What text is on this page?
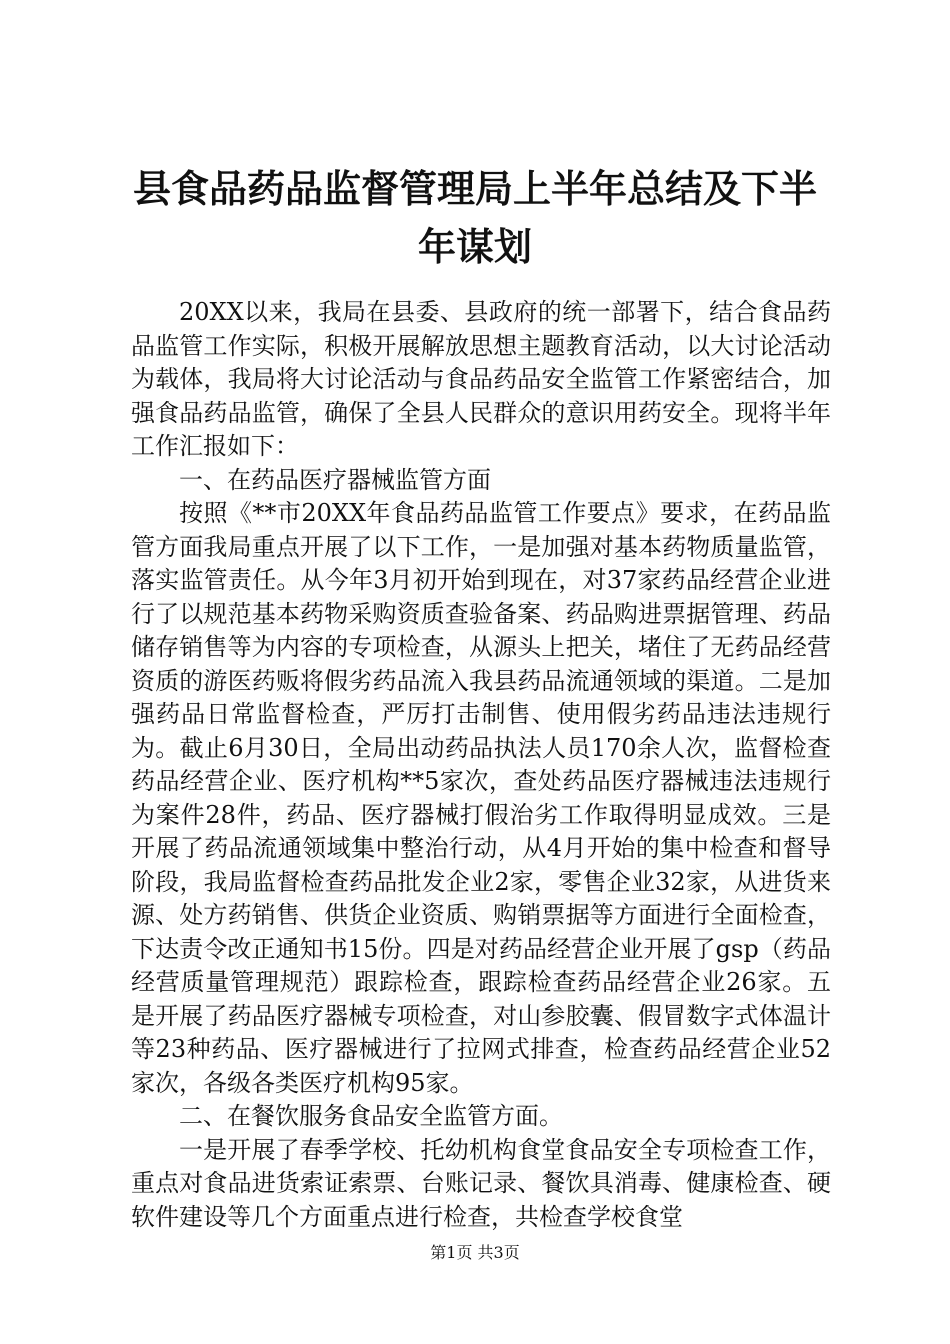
县食品药品监督管理局上半年总结及下半年谋划

20XX以来，我局在县委、县政府的统一部署下，结合食品药品监管工作实际，积极开展解放思想主题教育活动，以大讨论活动为载体，我局将大讨论活动与食品药品安全监管工作紧密结合，加强食品药品监管，确保了全县人民群众的意识用药安全。现将半年工作汇报如下：

一、在药品医疗器械监管方面

按照《**市20XX年食品药品监管工作要点》要求，在药品监管方面我局重点开展了以下工作，一是加强对基本药物质量监管，落实监管责任。从今年3月初开始到现在，对37家药品经营企业进行了以规范基本药物采购资质查验备案、药品购进票据管理、药品储存销售等为内容的专项检查，从源头上把关，堵住了无药品经营资质的游医药贩将假劣药品流入我县药品流通领域的渠道。二是加强药品日常监督检查，严厉打击制售、使用假劣药品违法违规行为。截止6月30日，全局出动药品执法人员170余人次，监督检查药品经营企业、医疗机构**5家次，查处药品医疗器械违法违规行为案件28件，药品、医疗器械打假治劣工作取得明显成效。三是开展了药品流通领域集中整治行动，从4月开始的集中检查和督导阶段，我局监督检查药品批发企业2家，零售企业32家，从进货来源、处方药销售、供货企业资质、购销票据等方面进行全面检查，下达责令改正通知书15份。四是对药品经营企业开展了gsp（药品经营质量管理规范）跟踪检查，跟踪检查药品经营企业26家。五是开展了药品医疗器械专项检查，对山参胶囊、假冒数字式体温计等23种药品、医疗器械进行了拉网式排查，检查药品经营企业52家次，各级各类医疗机构95家。

二、在餐饮服务食品安全监管方面。

一是开展了春季学校、托幼机构食堂食品安全专项检查工作，重点对食品进货索证索票、台账记录、餐饮具消毒、健康检查、硬软件建设等几个方面重点进行检查，共检查学校食堂

第1页 共3页
